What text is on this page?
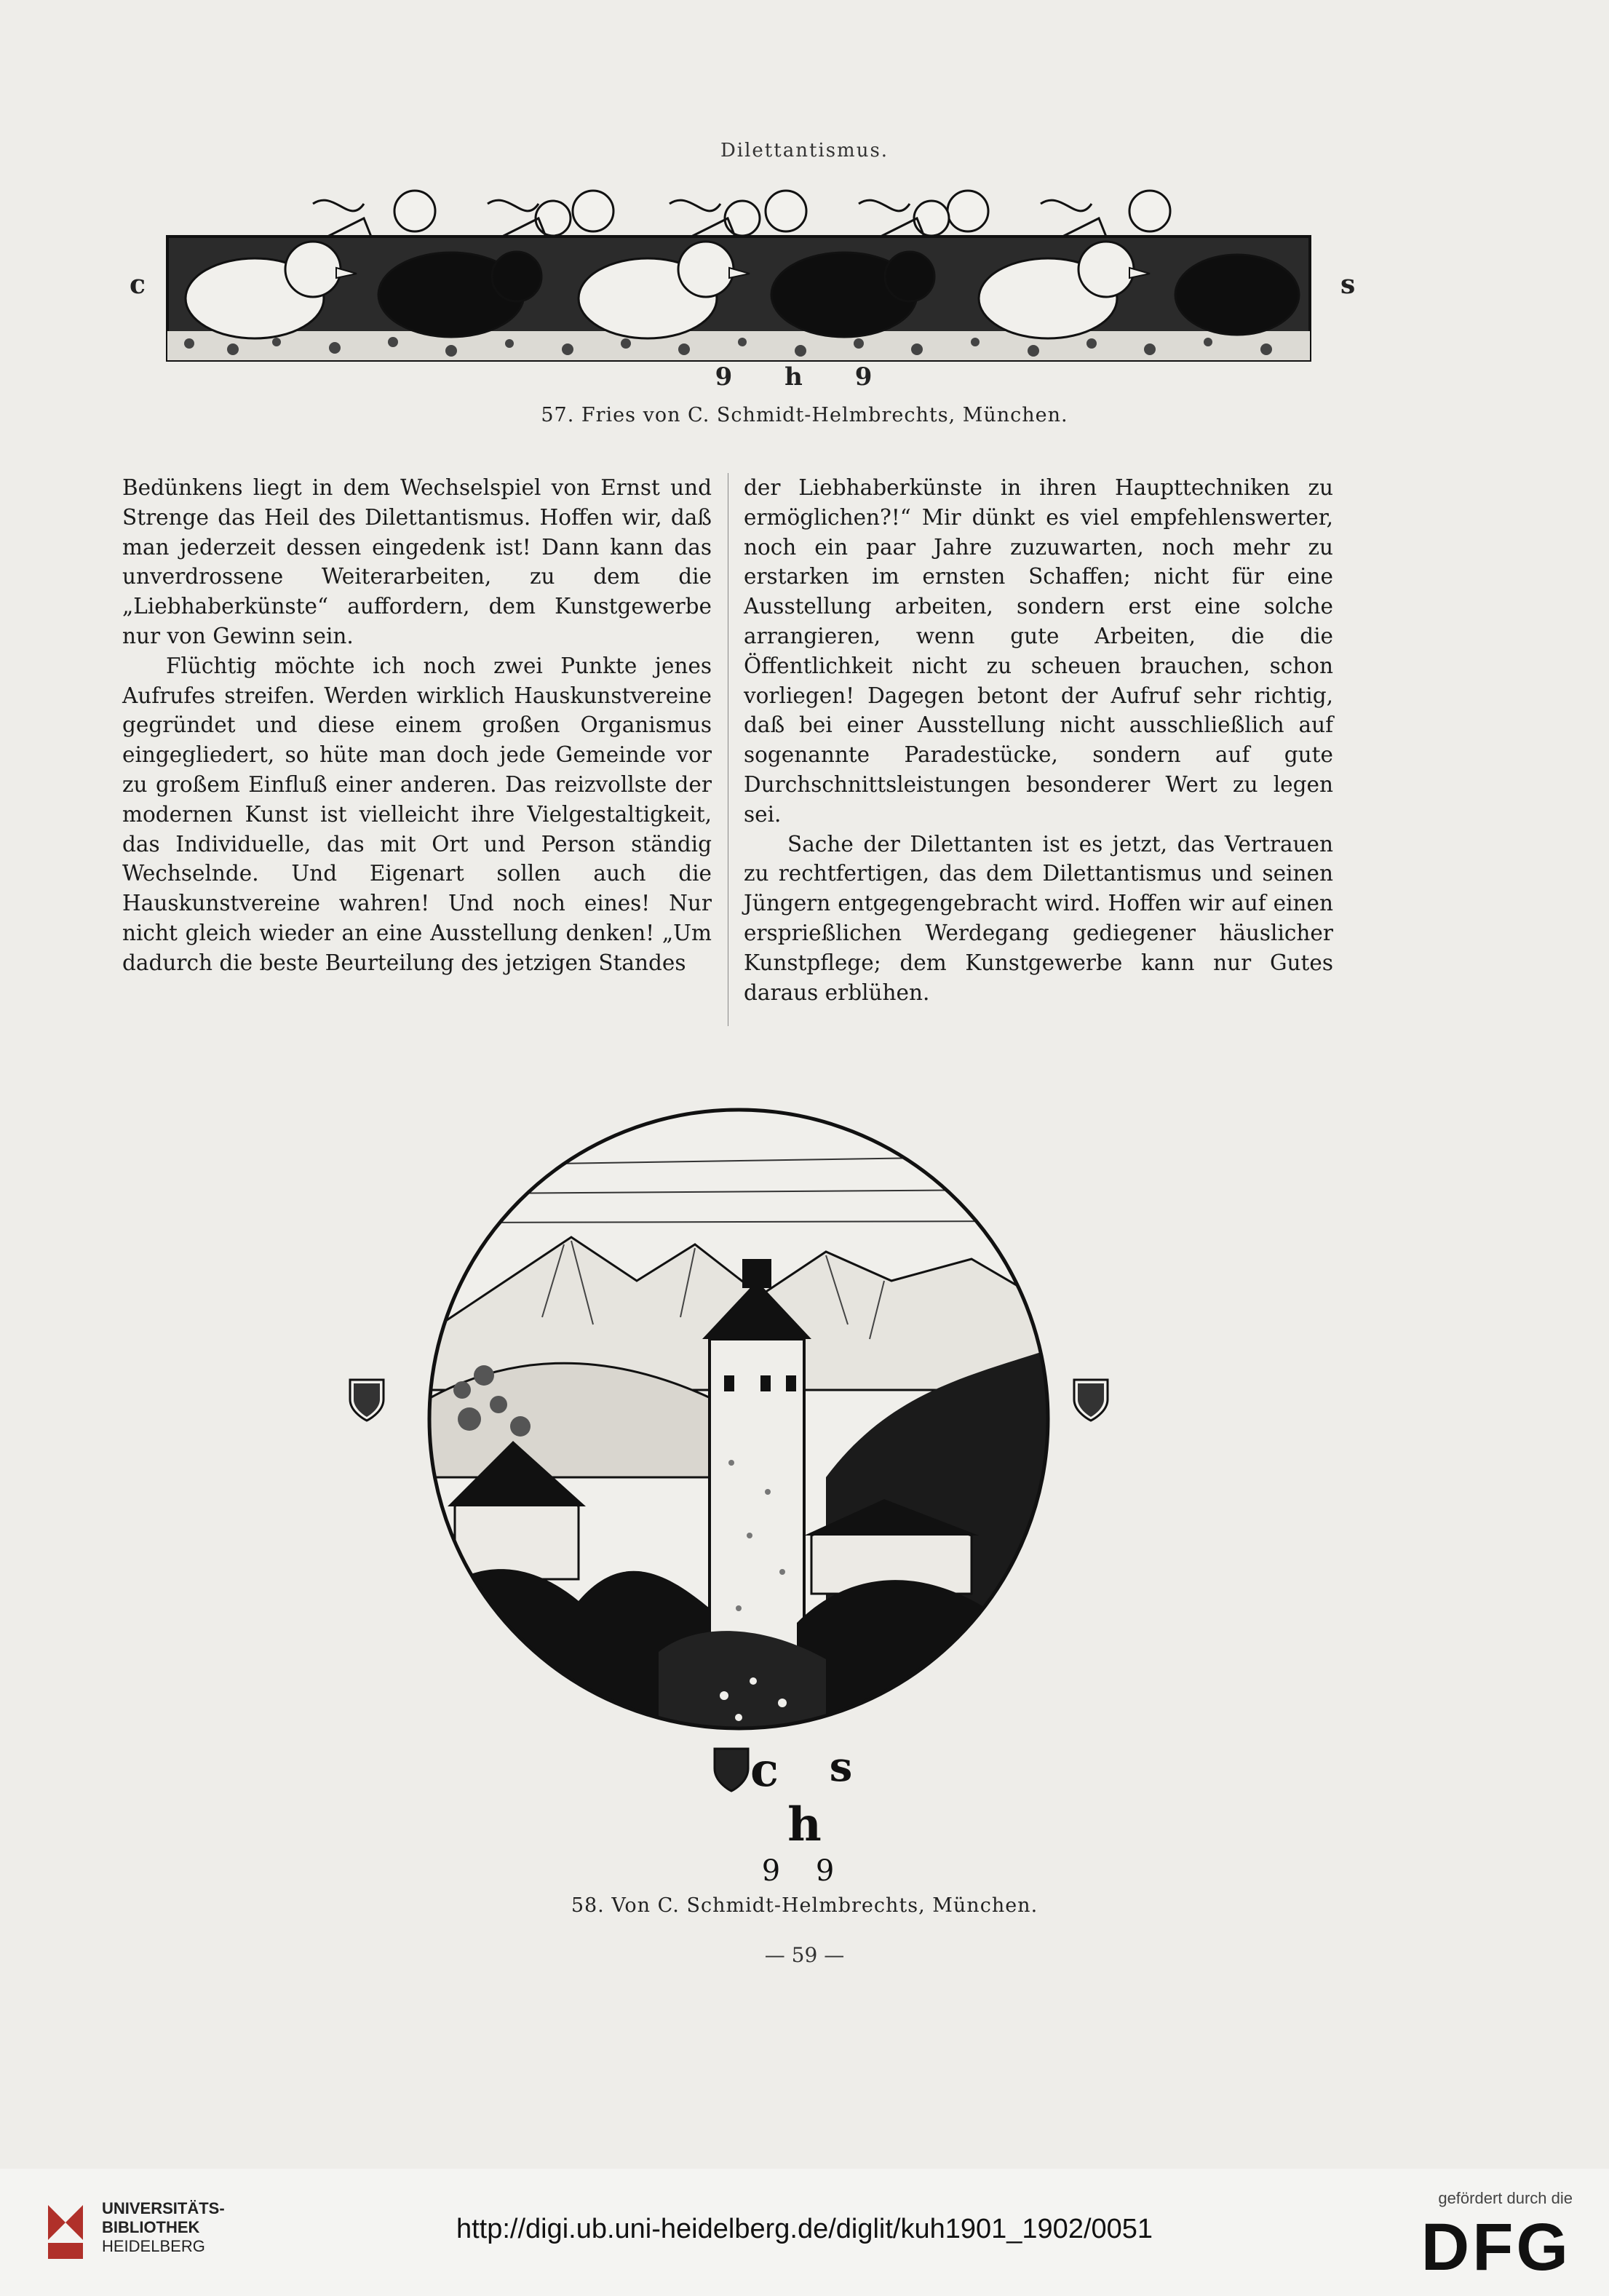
Dilettantismus.
c	s
9 h 9
57. Fries von C. Schmidt-Helmbrechts, München.

Bedünkens liegt in dem Wechselspiel von Ernst und Strenge das Heil des Dilettantismus. Hoffen wir, daß man jederzeit dessen eingedenk ist! Dann kann das unverdrossene Weiterarbeiten, zu dem die „Liebhaberkünste“ auffordern, dem Kunstgewerbe nur von Gewinn sein.

Flüchtig möchte ich noch zwei Punkte jenes Aufrufes streifen. Werden wirklich Hauskunstvereine gegründet und diese einem großen Organismus eingegliedert, so hüte man doch jede Gemeinde vor zu großem Einfluß einer anderen. Das reizvollste der modernen Kunst ist vielleicht ihre Vielgestaltigkeit, das Individuelle, das mit Ort und Person ständig Wechselnde. Und Eigenart sollen auch die Hauskunstvereine wahren! Und noch eines! Nur nicht gleich wieder an eine Ausstellung denken! „Um dadurch die beste Beurteilung des jetzigen Standes

der Liebhaberkünste in ihren Haupttechniken zu ermöglichen?!“ Mir dünkt es viel empfehlenswerter, noch ein paar Jahre zuzuwarten, noch mehr zu erstarken im ernsten Schaffen; nicht für eine Ausstellung arbeiten, sondern erst eine solche arrangieren, wenn gute Arbeiten, die die Öffentlichkeit nicht zu scheuen brauchen, schon vorliegen! Dagegen betont der Aufruf sehr richtig, daß bei einer Ausstellung nicht ausschließlich auf sogenannte Paradestücke, sondern auf gute Durchschnittsleistungen besonderer Wert zu legen sei.

Sache der Dilettanten ist es jetzt, das Vertrauen zu rechtfertigen, das dem Dilettantismus und seinen Jüngern entgegengebracht wird. Hoffen wir auf einen ersprießlichen Werdegang gediegener häuslicher Kunstpflege; dem Kunstgewerbe kann nur Gutes daraus erblühen.

c	s
h
9 9
58. Von C. Schmidt-Helmbrechts, München.
— 59 —
UNIVERSITÄTS-
BIBLIOTHEK
HEIDELBERG
http://digi.ub.uni-heidelberg.de/diglit/kuh1901_1902/0051
gefördert durch die
DFG
